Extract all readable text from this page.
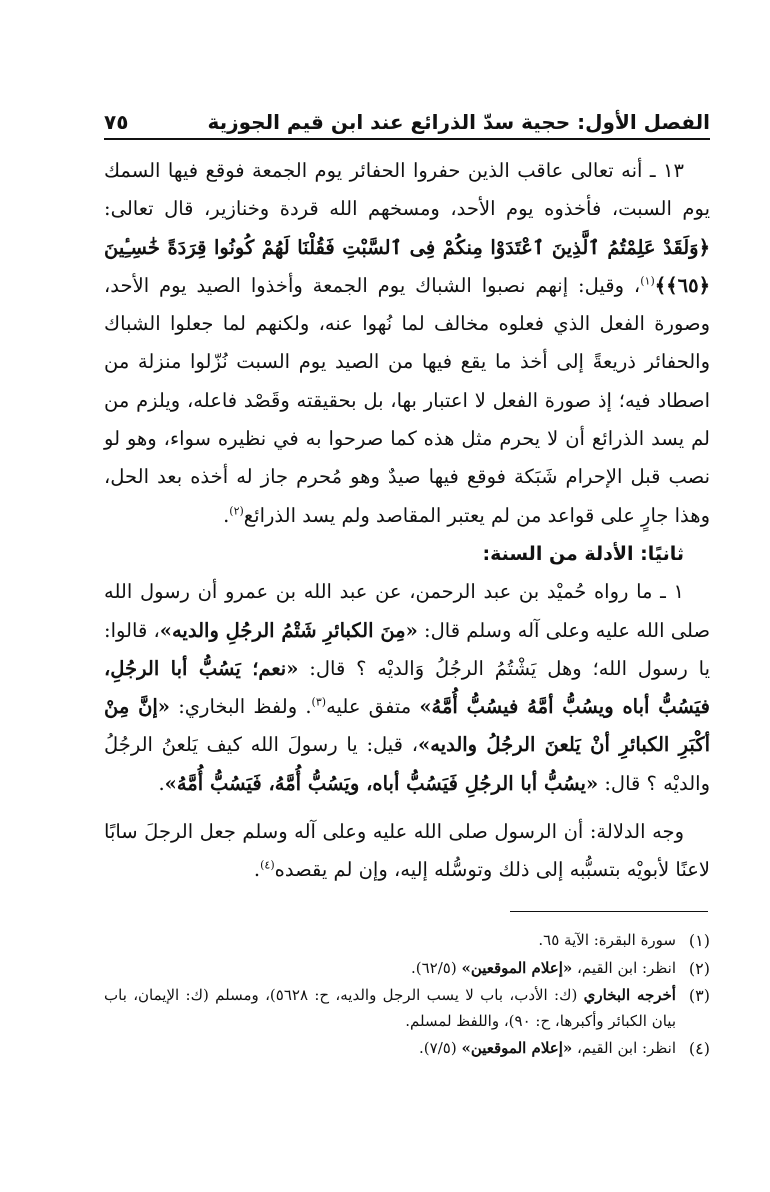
الفصل الأول: حجية سدّ الذرائع عند ابن قيم الجوزية
٧٥

١٣ ـ أنه تعالى عاقب الذين حفروا الحفائر يوم الجمعة فوقع فيها السمك يوم السبت، فأخذوه يوم الأحد، ومسخهم الله قردة وخنازير، قال تعالى: ﴿وَلَقَدْ عَلِمْتُمُ ٱلَّذِينَ ٱعْتَدَوْا مِنكُمْ فِى ٱلسَّبْتِ فَقُلْنَا لَهُمْ كُونُوا قِرَدَةً خَٰسِـِٔينَ ﴿٦٥﴾﴾$^{(١)}$، وقيل: إنهم نصبوا الشباك يوم الجمعة وأخذوا الصيد يوم الأحد، وصورة الفعل الذي فعلوه مخالف لما نُهوا عنه، ولكنهم لما جعلوا الشباك والحفائر ذريعةً إلى أخذ ما يقع فيها من الصيد يوم السبت نُزّلوا منزلة من اصطاد فيه؛ إذ صورة الفعل لا اعتبار بها، بل بحقيقته وقَصْد فاعله، ويلزم من لم يسد الذرائع أن لا يحرم مثل هذه كما صرحوا به في نظيره سواء، وهو لو نصب قبل الإحرام شَبَكة فوقع فيها صيدٌ وهو مُحرم جاز له أخذه بعد الحل، وهذا جارٍ على قواعد من لم يعتبر المقاصد ولم يسد الذرائع$^{(٢)}$.

ثانيًا: الأدلة من السنة:

١ ـ ما رواه حُميْد بن عبد الرحمن، عن عبد الله بن عمرو أن رسول الله صلى الله عليه وعلى آله وسلم قال: «مِنَ الكبائرِ شَتْمُ الرجُلِ والديه»، قالوا: يا رسول الله؛ وهل يَشْتُمُ الرجُلُ وَالديْه ؟ قال: «نعم؛ يَسُبُّ أبا الرجُلِ، فيَسُبُّ أباه ويسُبُّ أمَّهُ فيسُبُّ أُمَّهُ» متفق عليه$^{(٣)}$. ولفظ البخاري: «إنَّ مِنْ أكْبَرِ الكبائرِ أنْ يَلعنَ الرجُلُ والديه»، قيل: يا رسولَ الله كيف يَلعنُ الرجُلُ والديْه ؟ قال: «يسُبُّ أبا الرجُلِ فَيَسُبُّ أباه، ويَسُبُّ أُمَّهُ، فَيَسُبُّ أُمَّهُ».

وجه الدلالة: أن الرسول صلى الله عليه وعلى آله وسلم جعل الرجلَ سابًا لاعنًا لأبويْه بتسبُّبه إلى ذلك وتوسُّله إليه، وإن لم يقصده$^{(٤)}$.

(١)
سورة البقرة: الآية ٦٥.
(٢)
انظر: ابن القيم، «إعلام الموقعين» (٦٢/٥).
(٣)
أخرجه البخاري (ك: الأدب، باب لا يسب الرجل والديه، ح: ٥٦٢٨)، ومسلم (ك: الإيمان، باب بيان الكبائر وأكبرها، ح: ٩٠)، واللفظ لمسلم.
(٤)
انظر: ابن القيم، «إعلام الموقعين» (٧/٥).
